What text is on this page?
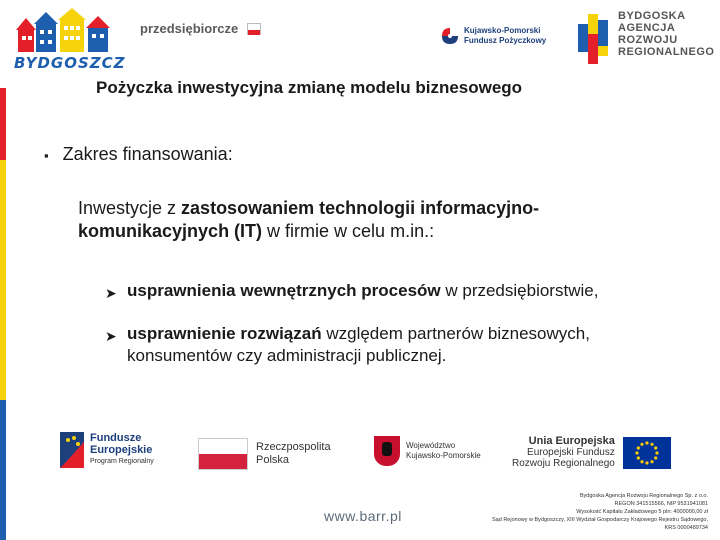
BYDGOSZCZ
przedsiębiorcze	Kujawsko-Pomorski
Fundusz Pożyczkowy
BYDGOSKA
AGENCJA
ROZWOJU
REGIONALNEGO
Pożyczka inwestycyjna zmianę modelu biznesowego
▪ Zakres finansowania:
Inwestycje z zastosowaniem technologii informacyjno-komunikacyjnych (IT) w firmie w celu m.in.:
➤ usprawnienia wewnętrznych procesów w przedsiębiorstwie,
➤ usprawnienie rozwiązań względem partnerów biznesowych, konsumentów czy administracji publicznej.
Fundusze
Europejskie
Program Regionalny
Rzeczpospolita
Polska
Województwo
Kujawsko-Pomorskie
Unia Europejska
Europejski Fundusz
Rozwoju Regionalnego
www.barr.pl
Bydgoska Agencja Rozwoju Regionalnego Sp. z o.o.
REGON 341515566, NIP 9531941081
Wysokość Kapitału Zakładowego 5 pln: 4000000,00 zł
Sąd Rejonowy w Bydgoszczy, XIII Wydział Gospodarczy Krajowego Rejestru Sądowego,
KRS 0000489734
